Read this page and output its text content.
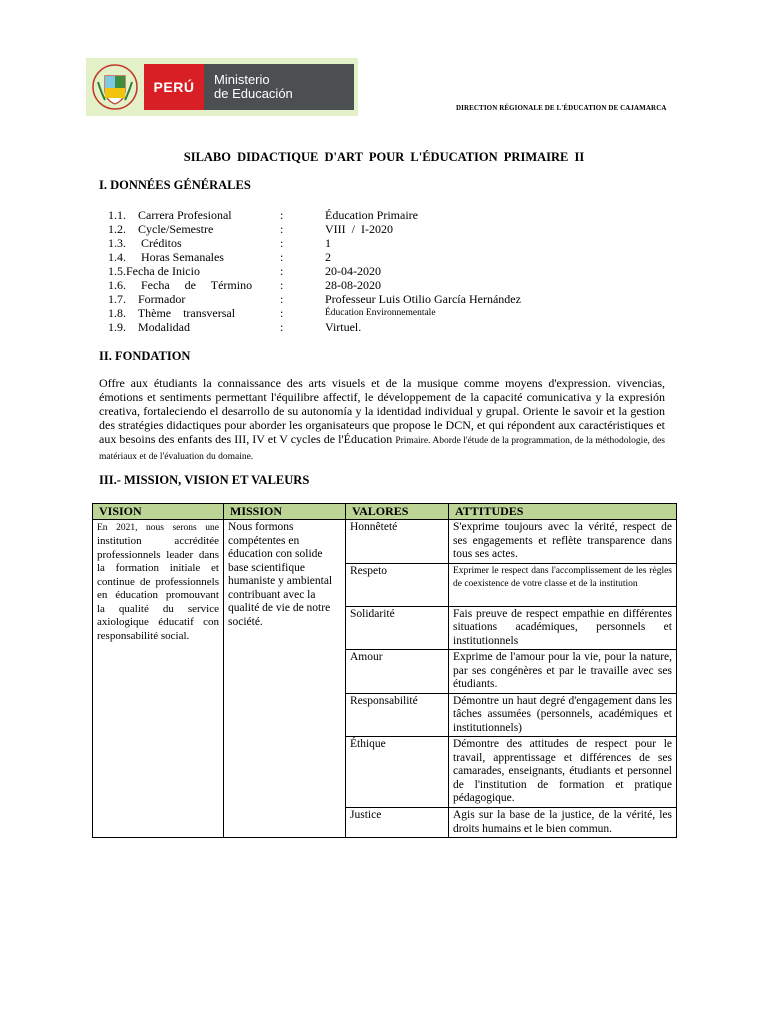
PERÚ	Ministerio
de Educación
DIRECTION RÉGIONALE DE L'ÉDUCATION DE CAJAMARCA
SILABO DIDACTIQUE D'ART POUR L'ÉDUCATION PRIMAIRE II
I. DONNÉES GÉNÉRALES
1.1.    Carrera Profesional	:	Éducation Primaire
1.2.    Cycle/Semestre	:	VIII  /  I-2020
1.3.     Créditos	:	1
1.4.     Horas Semanales	:	2
1.5.Fecha de Inicio	:	20-04-2020
1.6.     Fecha     de     Término	:	28-08-2020
1.7.    Formador	:	Professeur Luis Otilio García Hernández
1.8.    Thème    transversal	:	Éducation Environnementale
1.9.    Modalidad	:	Virtuel.
II. FONDATION
Offre aux étudiants la connaissance des arts visuels et de la musique comme moyens d'expression. vivencias, émotions et sentiments permettant l'équilibre affectif, le développement de la capacité comunicativa y la expresión creativa, fortaleciendo el desarrollo de su autonomía y la identidad individual y grupal. Oriente le savoir et la gestion des stratégies didactiques pour aborder les organisateurs que propose le DCN, et qui répondent aux caractéristiques et aux besoins des enfants des III, IV et V cycles de l'Éducation Primaire. Aborde l'étude de la programmation, de la méthodologie, des matériaux et de l'évaluation du domaine.
III.- MISSION, VISION ET VALEURS
VISION	MISSION	VALORES	ATTITUDES
En 2021, nous serons une institution accréditée professionnels leader dans la formation initiale et continue de professionnels en éducation promouvant la qualité du service axiologique éducatif con responsabilité social.	Nous formons compétentes en éducation con solide base scientifique humaniste y ambiental contribuant avec la qualité de vie de notre société.	Honnêteté	S'exprime toujours avec la vérité, respect de ses engagements et reflète transparence dans tous ses actes.
		Respeto	Exprimer le respect dans l'accomplissement de les règles de coexistence de votre classe et de la institution
		Solidarité	Fais preuve de respect empathie en différentes situations académiques, personnels et institutionnels
		Amour	Exprime de l'amour pour la vie, pour la nature, par ses congénères et par le travaille avec ses étudiants.
		Responsabilité	Démontre un haut degré d'engagement dans les tâches assumées (personnels, académiques et institutionnels)
		Éthique	Démontre des attitudes de respect pour le travail, apprentissage et différences de ses camarades, enseignants, étudiants et personnel de l'institution de formation et pratique pédagogique.
		Justice	Agis sur la base de la justice, de la vérité, les droits humains et le bien commun.
